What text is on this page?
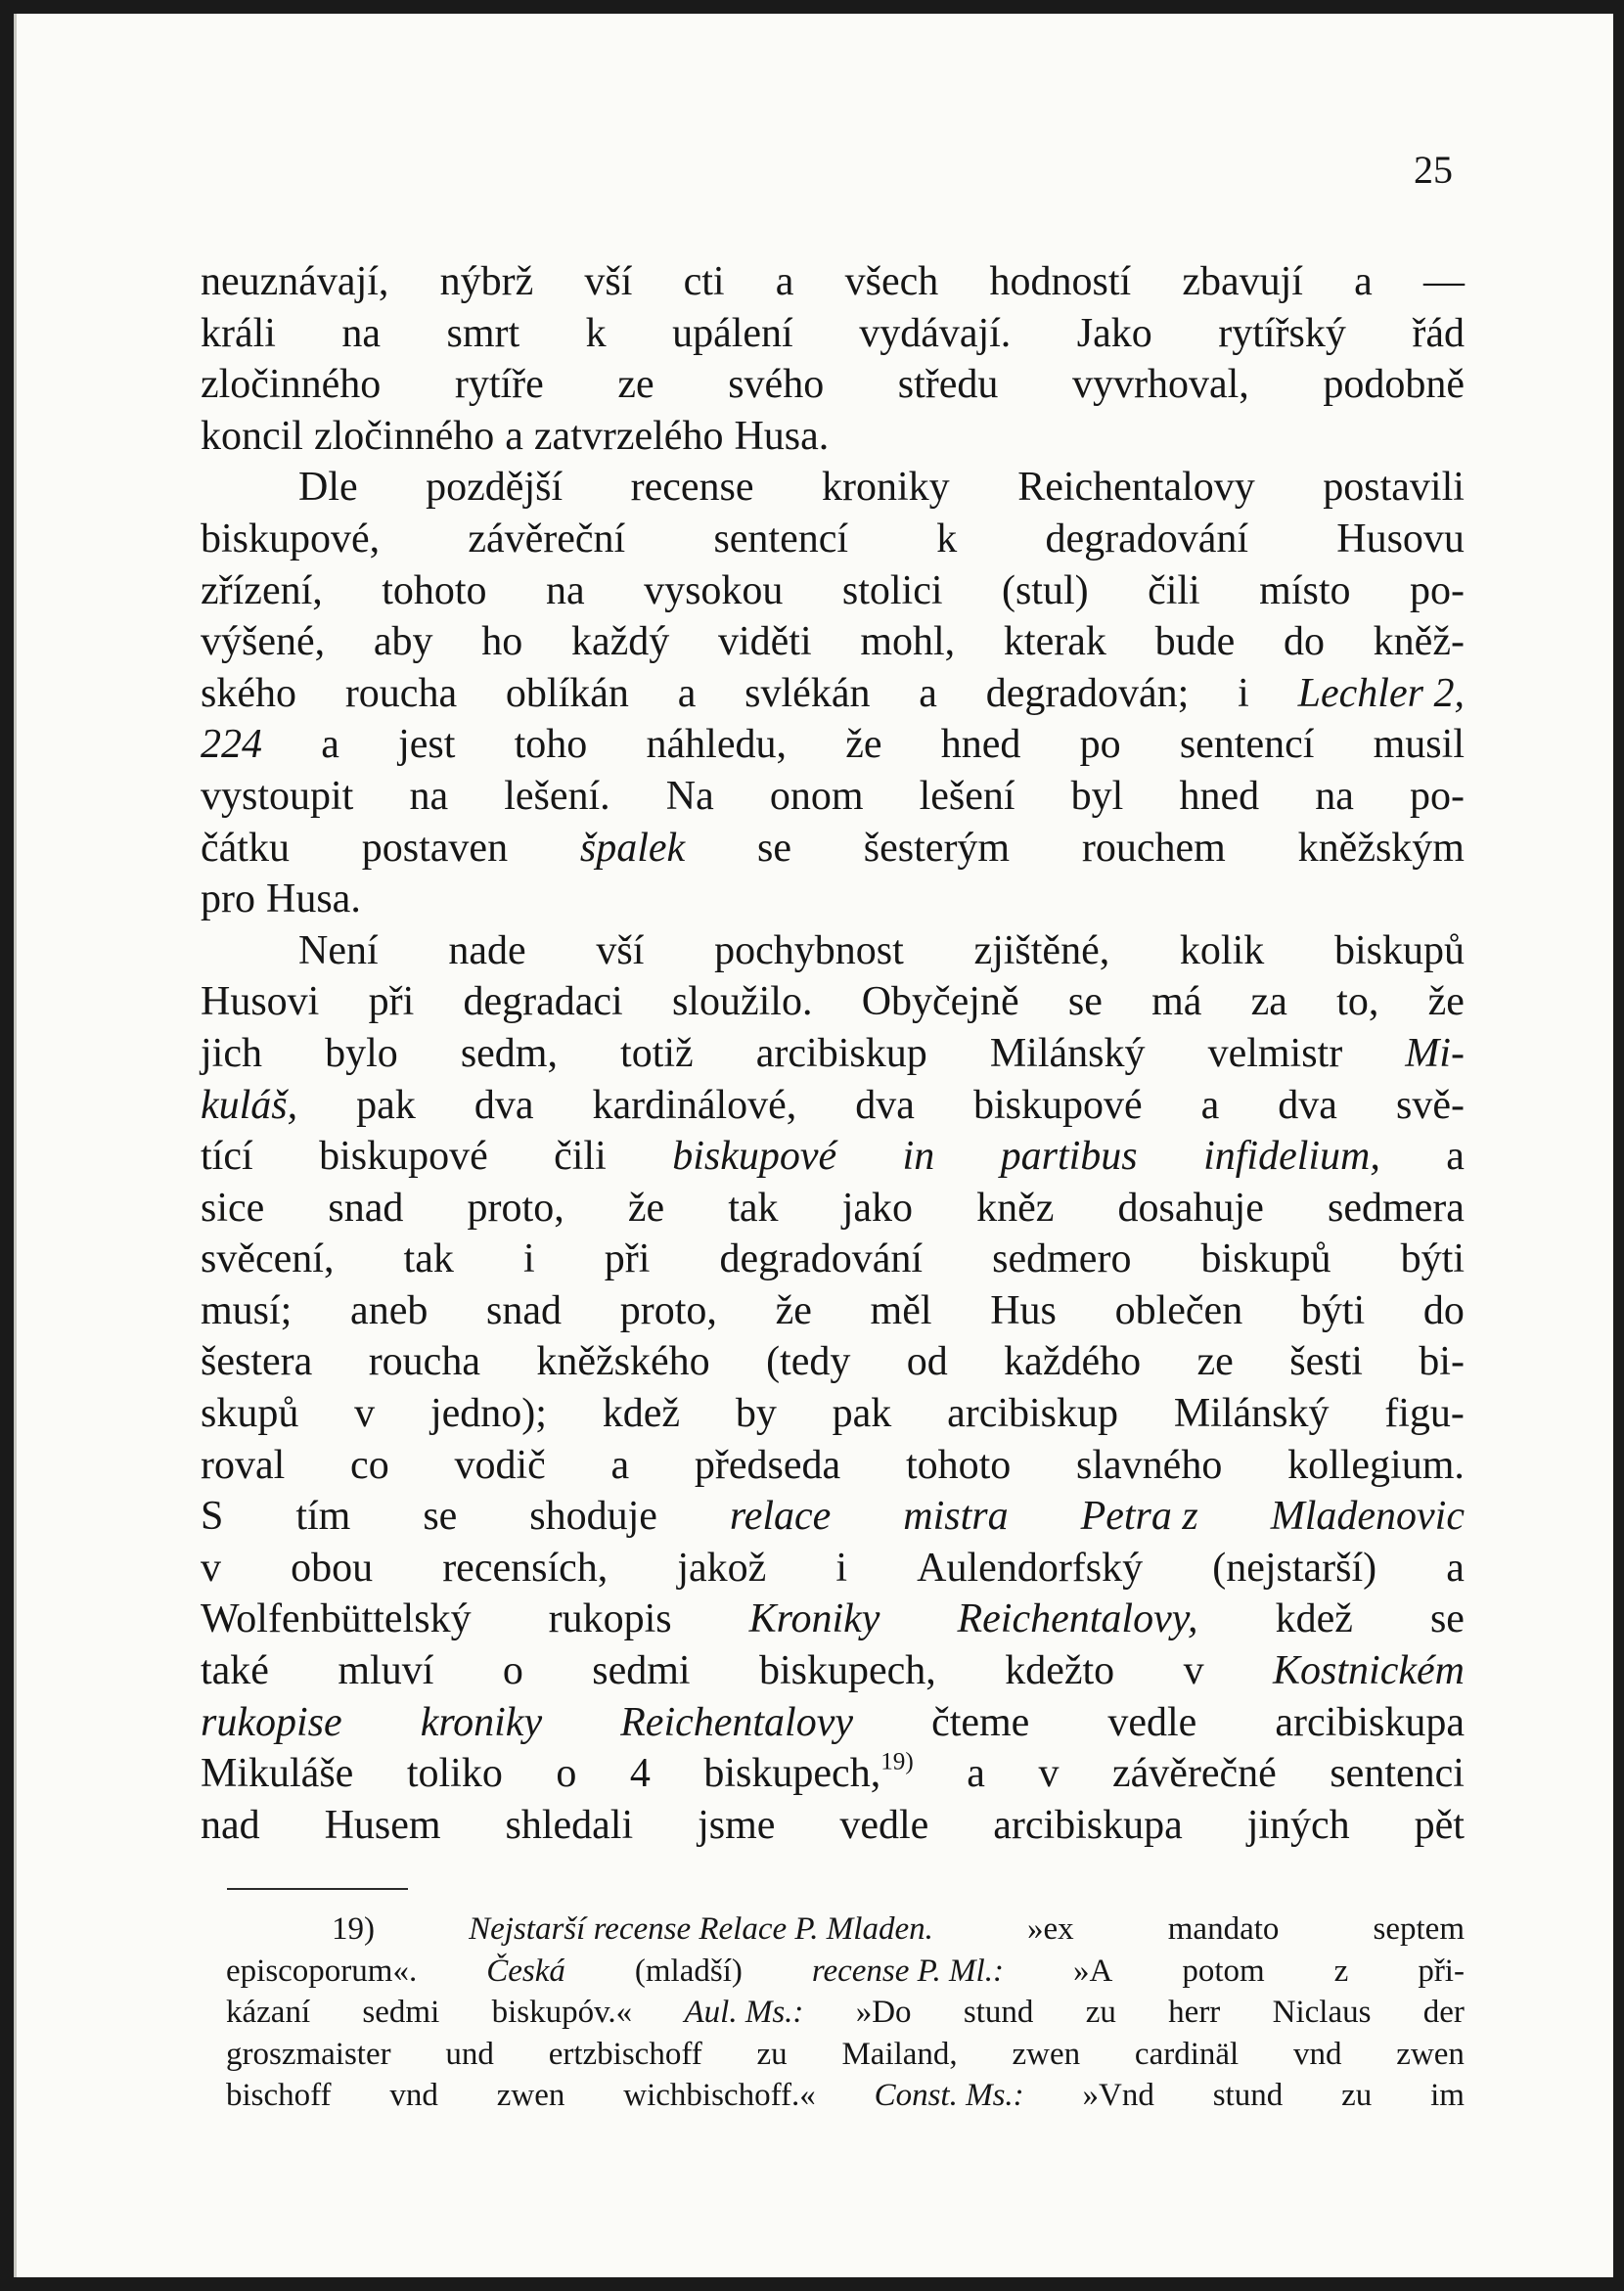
25
neuznávají, nýbrž vší cti a všech hodností zbavují a —
králi na smrt k upálení vydávají. Jako rytířský řád
zločinného rytíře ze svého středu vyvrhoval, podobně
koncil zločinného a zatvrzelého Husa.
Dle pozdější recense kroniky Reichentalovy postavili
biskupové, závěreční sentencí k degradování Husovu
zřízení, tohoto na vysokou stolici (stul) čili místo po-
výšené, aby ho každý viděti mohl, kterak bude do kněž-
ského roucha oblíkán a svlékán a degradován; i Lechler 2,
224 a jest toho náhledu, že hned po sentencí musil
vystoupit na lešení. Na onom lešení byl hned na po-
čátku postaven špalek se šesterým rouchem kněžským
pro Husa.
Není nade vší pochybnost zjištěné, kolik biskupů
Husovi při degradaci sloužilo. Obyčejně se má za to, že
jich bylo sedm, totiž arcibiskup Milánský velmistr Mi-
kuláš, pak dva kardinálové, dva biskupové a dva svě-
tící biskupové čili biskupové in partibus infidelium, a
sice snad proto, že tak jako kněz dosahuje sedmera
svěcení, tak i při degradování sedmero biskupů býti
musí; aneb snad proto, že měl Hus oblečen býti do
šestera roucha kněžského (tedy od každého ze šesti bi-
skupů v jedno); kdež by pak arcibiskup Milánský figu-
roval co vodič a předseda tohoto slavného kollegium.
S tím se shoduje relace mistra Petra z Mladenovic
v obou recensích, jakož i Aulendorfský (nejstarší) a
Wolfenbüttelský rukopis Kroniky Reichentalovy, kdež se
také mluví o sedmi biskupech, kdežto v Kostnickém
rukopise kroniky Reichentalovy čteme vedle arcibiskupa
Mikuláše toliko o 4 biskupech,$^{19)}$ a v závěrečné sentenci
nad Husem shledali jsme vedle arcibiskupa jiných pět
19)	Nejstarší recense Relace P. Mladen.	»ex	mandato	septem
episcoporum«. Česká (mladší) recense P. Ml.: »A potom z při-
kázaní sedmi biskupóv.« Aul. Ms.: »Do stund zu herr Niclaus der
groszmaister und ertzbischoff zu Mailand, zwen cardinäl vnd zwen
bischoff vnd zwen wichbischoff.« Const. Ms.: »Vnd stund zu im
